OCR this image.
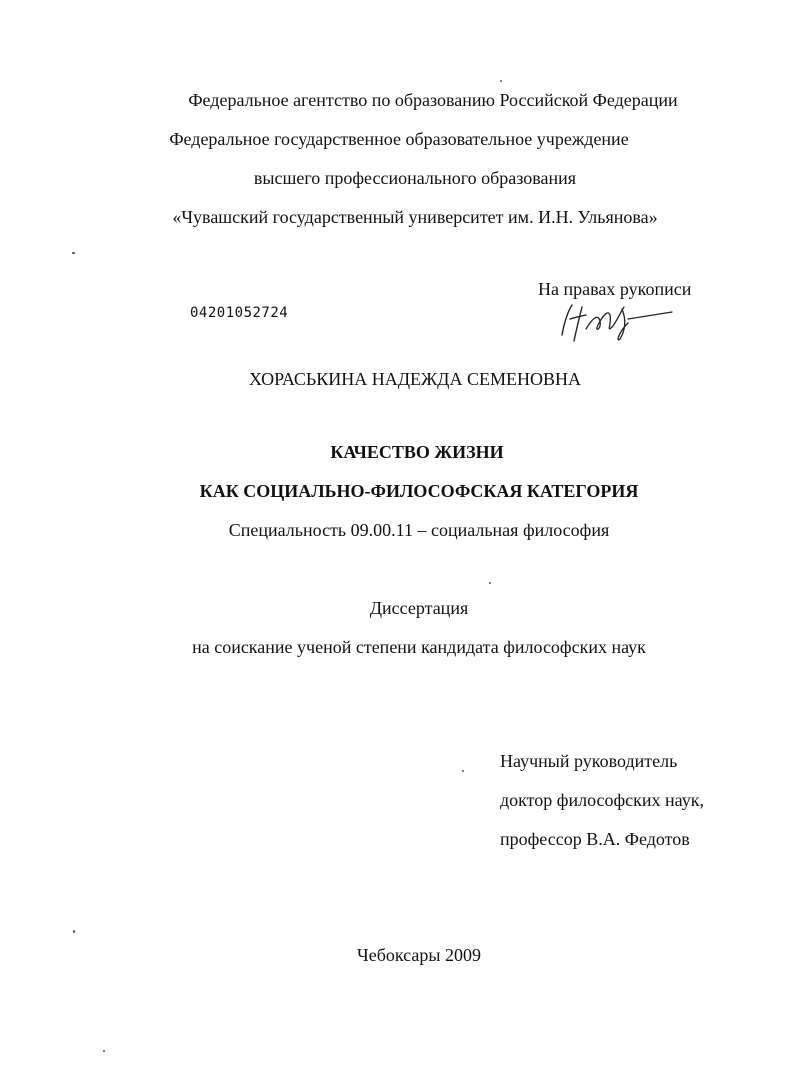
Федеральное агентство по образованию Российской Федерации
Федеральное государственное образовательное учреждение
высшего профессионального образования
«Чувашский государственный университет им. И.Н. Ульянова»
На правах рукописи
04201052724
ХОРАСЬКИНА НАДЕЖДА СЕМЕНОВНА
КАЧЕСТВО ЖИЗНИ
КАК СОЦИАЛЬНО-ФИЛОСОФСКАЯ КАТЕГОРИЯ
Специальность 09.00.11 – социальная философия
Диссертация
на соискание ученой степени кандидата философских наук
Научный руководитель
доктор философских наук,
профессор В.А. Федотов
Чебоксары 2009
